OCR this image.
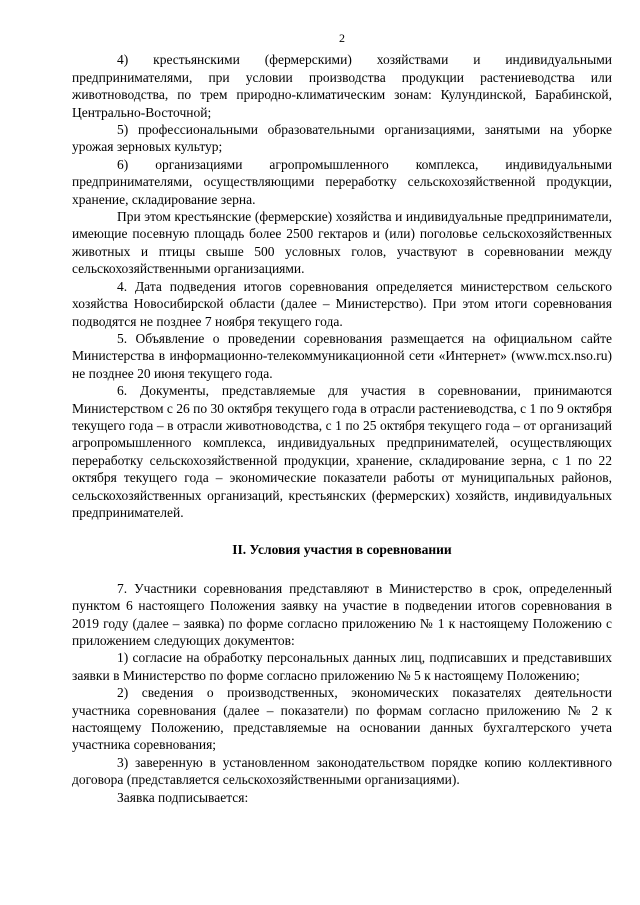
2

4) крестьянскими (фермерскими) хозяйствами и индивидуальными предпринимателями, при условии производства продукции растениеводства или животноводства, по трем природно-климатическим зонам: Кулундинской, Барабинской, Центрально-Восточной;

5) профессиональными образовательными организациями, занятыми на уборке урожая зерновых культур;

6) организациями агропромышленного комплекса, индивидуальными предпринимателями, осуществляющими переработку сельскохозяйственной продукции, хранение, складирование зерна.

При этом крестьянские (фермерские) хозяйства и индивидуальные предприниматели, имеющие посевную площадь более 2500 гектаров и (или) поголовье сельскохозяйственных животных и птицы свыше 500 условных голов, участвуют в соревновании между сельскохозяйственными организациями.

4. Дата подведения итогов соревнования определяется министерством сельского хозяйства Новосибирской области (далее – Министерство). При этом итоги соревнования подводятся не позднее 7 ноября текущего года.

5. Объявление о проведении соревнования размещается на официальном сайте Министерства в информационно-телекоммуникационной сети «Интернет» (www.mcx.nso.ru) не позднее 20 июня текущего года.

6. Документы, представляемые для участия в соревновании, принимаются Министерством с 26 по 30 октября текущего года в отрасли растениеводства, с 1 по 9 октября текущего года – в отрасли животноводства, с 1 по 25 октября текущего года – от организаций агропромышленного комплекса, индивидуальных предпринимателей, осуществляющих переработку сельскохозяйственной продукции, хранение, складирование зерна, с 1 по 22 октября текущего года – экономические показатели работы от муниципальных районов, сельскохозяйственных организаций, крестьянских (фермерских) хозяйств, индивидуальных предпринимателей.

II. Условия участия в соревновании

7. Участники соревнования представляют в Министерство в срок, определенный пунктом 6 настоящего Положения заявку на участие в подведении итогов соревнования в 2019 году (далее – заявка) по форме согласно приложению № 1 к настоящему Положению с приложением следующих документов:

1) согласие на обработку персональных данных лиц, подписавших и представивших заявки в Министерство по форме согласно приложению № 5 к настоящему Положению;

2) сведения о производственных, экономических показателях деятельности участника соревнования (далее – показатели) по формам согласно приложению № 2 к настоящему Положению, представляемые на основании данных бухгалтерского учета участника соревнования;

3) заверенную в установленном законодательством порядке копию коллективного договора (представляется сельскохозяйственными организациями).

Заявка подписывается:
